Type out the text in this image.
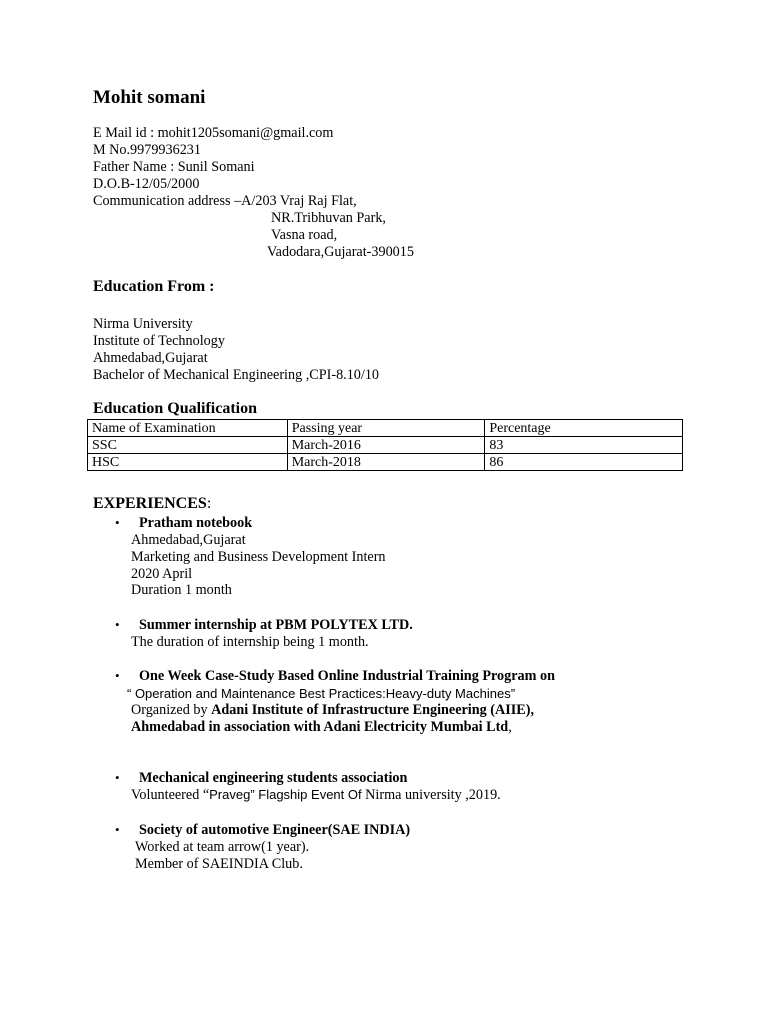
Mohit somani
E Mail id : mohit1205somani@gmail.com
M No.9979936231
Father Name : Sunil Somani
D.O.B-12/05/2000
Communication address –A/203 Vraj Raj Flat,
NR.Tribhuvan Park,
Vasna road,
Vadodara,Gujarat-390015
Education From :
Nirma University
Institute of Technology
Ahmedabad,Gujarat
Bachelor of Mechanical Engineering ,CPI-8.10/10
Education Qualification
Name of Examination	Passing year	Percentage
SSC	March-2016	83
HSC	March-2018	86
EXPERIENCES:
• Pratham notebook
Ahmedabad,Gujarat
Marketing and Business Development Intern
2020 April
Duration 1 month
• Summer internship at PBM POLYTEX LTD.
The duration of internship being 1 month.
• One Week Case-Study Based Online Industrial Training Program on
“ Operation and Maintenance Best Practices:Heavy-duty Machines”
Organized by Adani Institute of Infrastructure Engineering (AIIE),
Ahmedabad in association with Adani Electricity Mumbai Ltd,
• Mechanical engineering students association
Volunteered “Praveg” Flagship Event Of Nirma university ,2019.
• Society of automotive Engineer(SAE INDIA)
Worked at team arrow(1 year).
Member of SAEINDIA Club.
